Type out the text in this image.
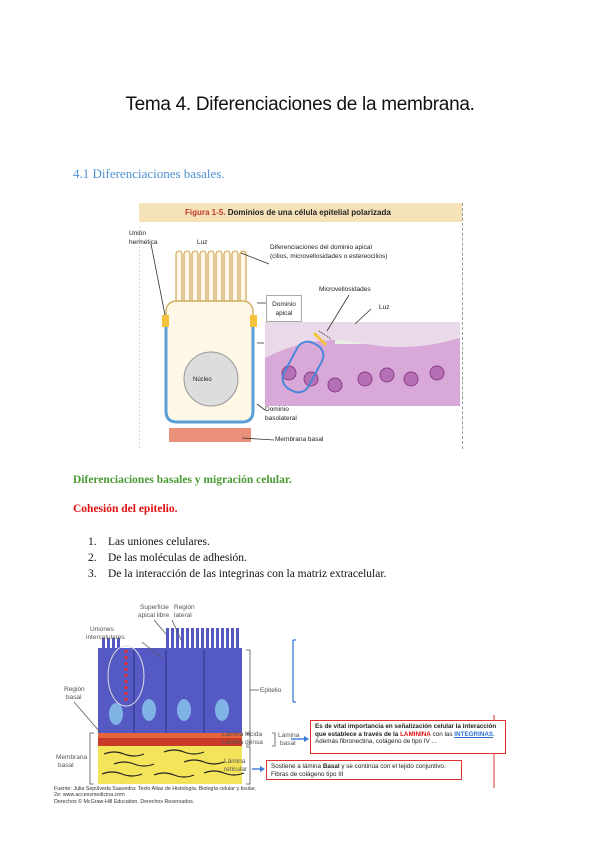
Tema 4. Diferenciaciones de la membrana.
4.1 Diferenciaciones basales.
Figura 1-5. Dominios de una célula epitelial polarizada
Unión
hermética	Luz
Diferenciaciones del dominio apical
(cilios, microvellosidades o estereocilios)
Microvellosidades
Luz
Dominio
apical
Núcleo
Dominio
basolateral
Membrana basal
Diferenciaciones basales y migración celular.
Cohesión del epitelio.
1. Las uniones celulares.
2. De las moléculas de adhesión.
3. De la interacción de las integrinas con la matriz extracelular.
Superficie
apical libre
Región
lateral
Uniones
intercelulares
Epitelio
Región
basal
Lámina lúcida
Lámina densa
Lámina
basal
Membrana
basal
Lámina
reticular
Es de vital importancia en señalización celular la interacción que establece a través de la LAMININA con las INTEGRINAS. Además fibronectina, colágeno de tipo IV ...
Sostiene a lámina Basal y se continúa con el tejido conjuntivo. Fibras de colágeno tipo III
Fuente: Julia Sepúlveda Saavedra: Texto Atlas de Histología. Biología celular y tisular,
2e: www.accessmedicina.com
Derechos © McGraw-Hill Education. Derechos Reservados.
